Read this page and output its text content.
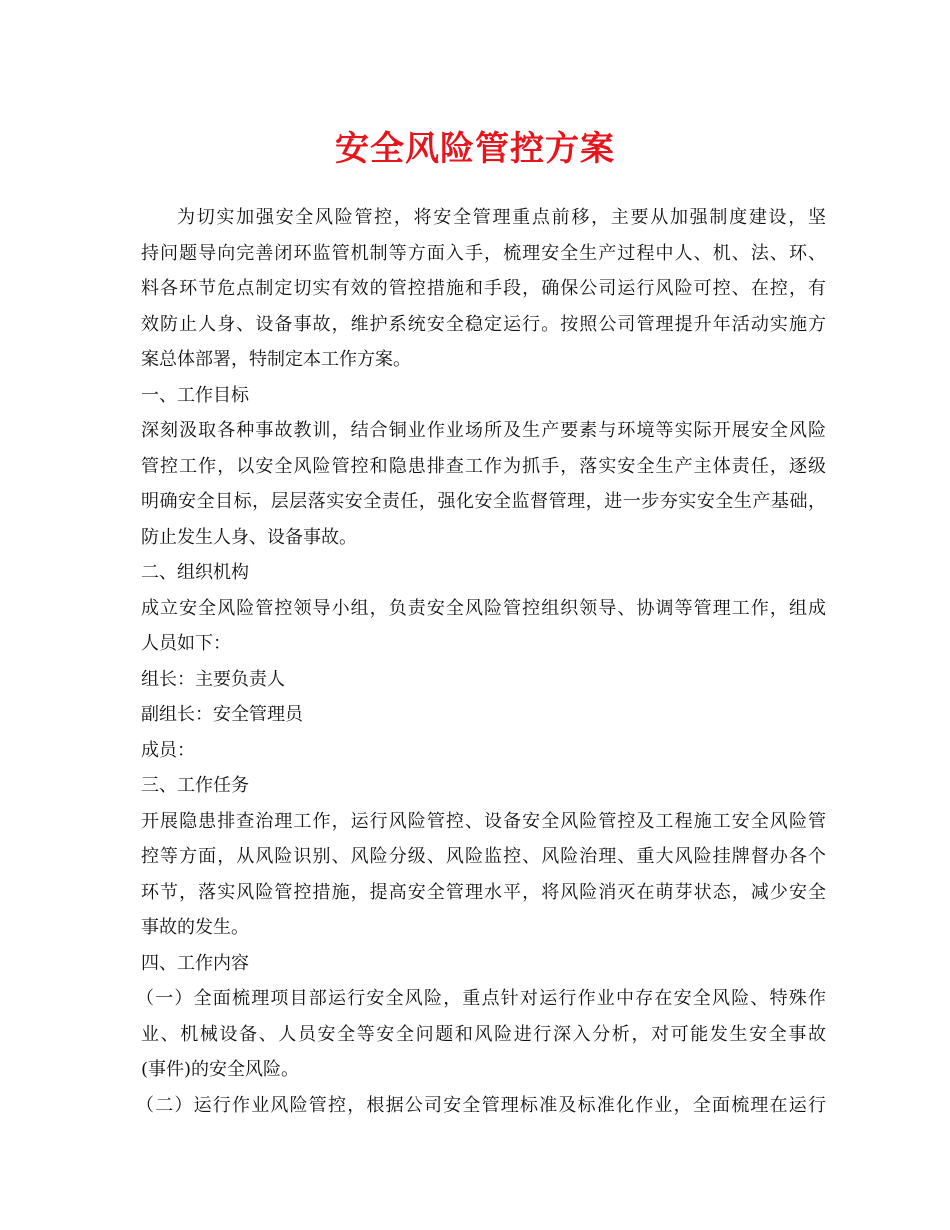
安全风险管控方案
为切实加强安全风险管控，将安全管理重点前移，主要从加强制度建设，坚
持问题导向完善闭环监管机制等方面入手，梳理安全生产过程中人、机、法、环、
料各环节危点制定切实有效的管控措施和手段，确保公司运行风险可控、在控，有
效防止人身、设备事故，维护系统安全稳定运行。按照公司管理提升年活动实施方
案总体部署，特制定本工作方案。
一、工作目标
深刻汲取各种事故教训，结合铜业作业场所及生产要素与环境等实际开展安全风险
管控工作，以安全风险管控和隐患排查工作为抓手，落实安全生产主体责任，逐级
明确安全目标，层层落实安全责任，强化安全监督管理，进一步夯实安全生产基础，
防止发生人身、设备事故。
二、组织机构
成立安全风险管控领导小组，负责安全风险管控组织领导、协调等管理工作，组成
人员如下：
组长：主要负责人
副组长：安全管理员
成员：
三、工作任务
开展隐患排查治理工作，运行风险管控、设备安全风险管控及工程施工安全风险管
控等方面，从风险识别、风险分级、风险监控、风险治理、重大风险挂牌督办各个
环节，落实风险管控措施，提高安全管理水平，将风险消灭在萌芽状态，减少安全
事故的发生。
四、工作内容
（一）全面梳理项目部运行安全风险，重点针对运行作业中存在安全风险、特殊作
业、机械设备、人员安全等安全问题和风险进行深入分析，对可能发生安全事故
(事件)的安全风险。
（二）运行作业风险管控，根据公司安全管理标准及标准化作业，全面梳理在运行
